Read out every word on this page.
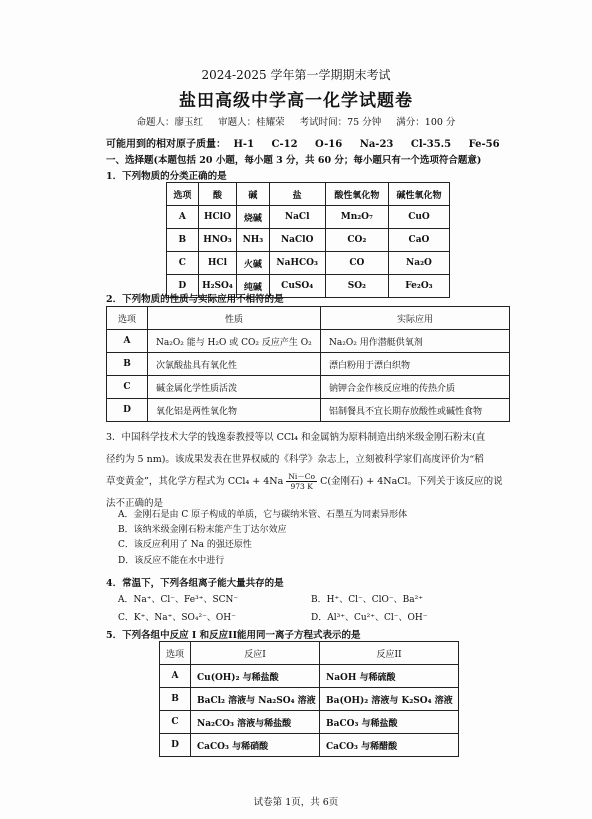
2024-2025 学年第一学期期末考试
盐田高级中学高一化学试题卷
命题人：廖玉红 审题人：桂耀荣 考试时间：75 分钟 满分：100 分
可能用到的相对原子质量： H-1 C-12 O-16 Na-23 Cl-35.5 Fe-56
一、选择题(本题包括 20 小题，每小题 3 分，共 60 分；每小题只有一个选项符合题意)
1．下列物质的分类正确的是
选项	酸	碱	盐	酸性氧化物	碱性氧化物
A	HClO	烧碱	NaCl	Mn₂O₇	CuO
B	HNO₃	NH₃	NaClO	CO₂	CaO
C	HCl	火碱	NaHCO₃	CO	Na₂O
D	H₂SO₄	纯碱	CuSO₄	SO₂	Fe₂O₃
2．下列物质的性质与实际应用不相符的是
选项	性质	实际应用
A	Na₂O₂ 能与 H₂O 或 CO₂ 反应产生 O₂	Na₂O₂ 用作潜艇供氧剂
B	次氯酸盐具有氧化性	漂白粉用于漂白织物
C	碱金属化学性质活泼	钠钾合金作核反应堆的传热介质
D	氧化铝是两性氧化物	铝制餐具不宜长期存放酸性或碱性食物
3．中国科学技术大学的钱逸泰教授等以 CCl₄ 和金属钠为原料制造出纳米级金刚石粉末(直
径约为 5 nm)。该成果发表在世界权威的《科学》杂志上，立刻被科学家们高度评价为“稻
草变黄金”，其化学方程式为 $CCl_4 + 4Na \frac{Ni-Co}{973 K} C$(金刚石) + 4NaCl。下列关于该反应的说
法不正确的是
A．金刚石是由 C 原子构成的单质，它与碳纳米管、石墨互为同素异形体
B．该纳米级金刚石粉末能产生丁达尔效应
C．该反应利用了 Na 的强还原性
D．该反应不能在水中进行
4．常温下，下列各组离子能大量共存的是
A．Na⁺、Cl⁻、Fe³⁺、SCN⁻	B．H⁺、Cl⁻、ClO⁻、Ba²⁺
C．K⁺、Na⁺、SO₄²⁻、OH⁻	D．Al³⁺、Cu²⁺、Cl⁻、OH⁻
5．下列各组中反应 I 和反应II能用同一离子方程式表示的是
选项	反应I	反应II
A	Cu(OH)₂ 与稀盐酸	NaOH 与稀硫酸
B	BaCl₂ 溶液与 Na₂SO₄ 溶液	Ba(OH)₂ 溶液与 K₂SO₄ 溶液
C	Na₂CO₃ 溶液与稀盐酸	BaCO₃ 与稀盐酸
D	CaCO₃ 与稀硝酸	CaCO₃ 与稀醋酸
试卷第 1页，共 6页
